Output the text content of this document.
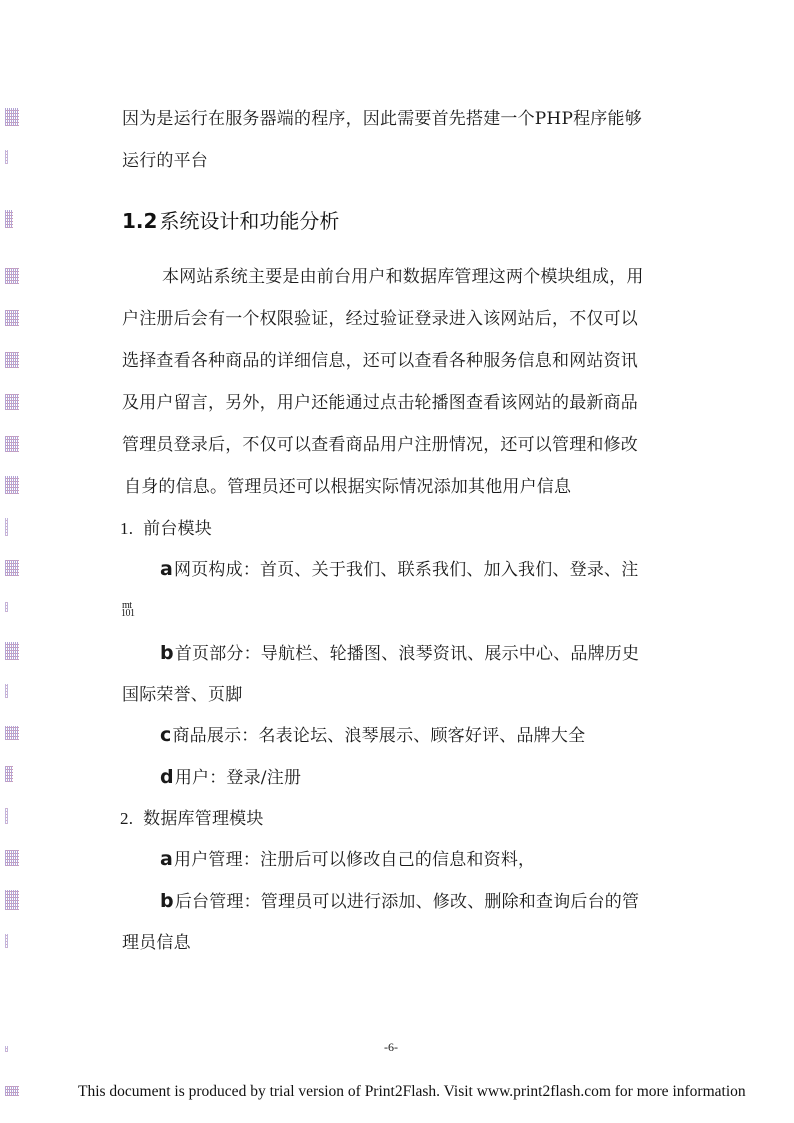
因为是运行在服务器端的程序，因此需要首先搭建一个PHP程序能够
运行的平台
1.2 系统设计和功能分析
本网站系统主要是由前台用户和数据库管理这两个模块组成，用
户注册后会有一个权限验证，经过验证登录进入该网站后，不仅可以
选择查看各种商品的详细信息，还可以查看各种服务信息和网站资讯
及用户留言，另外，用户还能通过点击轮播图查看该网站的最新商品
管理员登录后，不仅可以查看商品用户注册情况，还可以管理和修改
自身的信息。管理员还可以根据实际情况添加其他用户信息
1. 前台模块
a网页构成：首页、关于我们、联系我们、加入我们、登录、注
mt
101
b首页部分：导航栏、轮播图、浪琴资讯、展示中心、品牌历史
国际荣誉、页脚
c商品展示：名表论坛、浪琴展示、顾客好评、品牌大全
d用户：登录/注册
2. 数据库管理模块
a用户管理：注册后可以修改自己的信息和资料，
b后台管理：管理员可以进行添加、修改、删除和查询后台的管
理员信息
-6-
This document is produced by trial version of Print2Flash. Visit www.print2flash.com for more information
